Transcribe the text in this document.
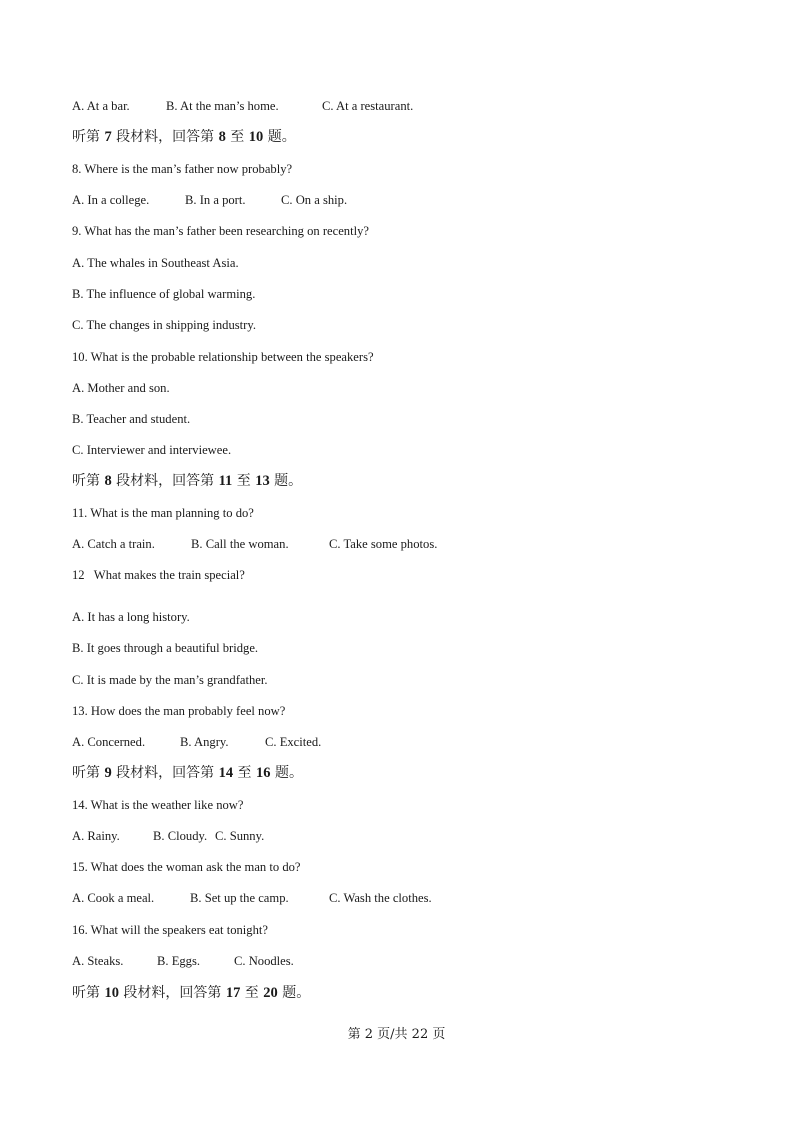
A. At a bar.	B. At the man’s home.	C. At a restaurant.
听第 7 段材料，回答第 8 至 10 题。
8. Where is the man’s father now probably?
A. In a college.	B. In a port.	C. On a ship.
9. What has the man’s father been researching on recently?
A. The whales in Southeast Asia.
B. The influence of global warming.
C. The changes in shipping industry.
10. What is the probable relationship between the speakers?
A. Mother and son.
B. Teacher and student.
C. Interviewer and interviewee.
听第 8 段材料，回答第 11 至 13 题。
11. What is the man planning to do?
A. Catch a train.	B. Call the woman.	C. Take some photos.
12   What makes the train special?
A. It has a long history.
B. It goes through a beautiful bridge.
C. It is made by the man’s grandfather.
13. How does the man probably feel now?
A. Concerned.	B. Angry.	C. Excited.
听第 9 段材料，回答第 14 至 16 题。
14. What is the weather like now?
A. Rainy.	B. Cloudy. C. Sunny.
15. What does the woman ask the man to do?
A. Cook a meal.	B. Set up the camp.	C. Wash the clothes.
16. What will the speakers eat tonight?
A. Steaks.	B. Eggs.	C. Noodles.
听第 10 段材料，回答第 17 至 20 题。
第 2 页/共 22 页
